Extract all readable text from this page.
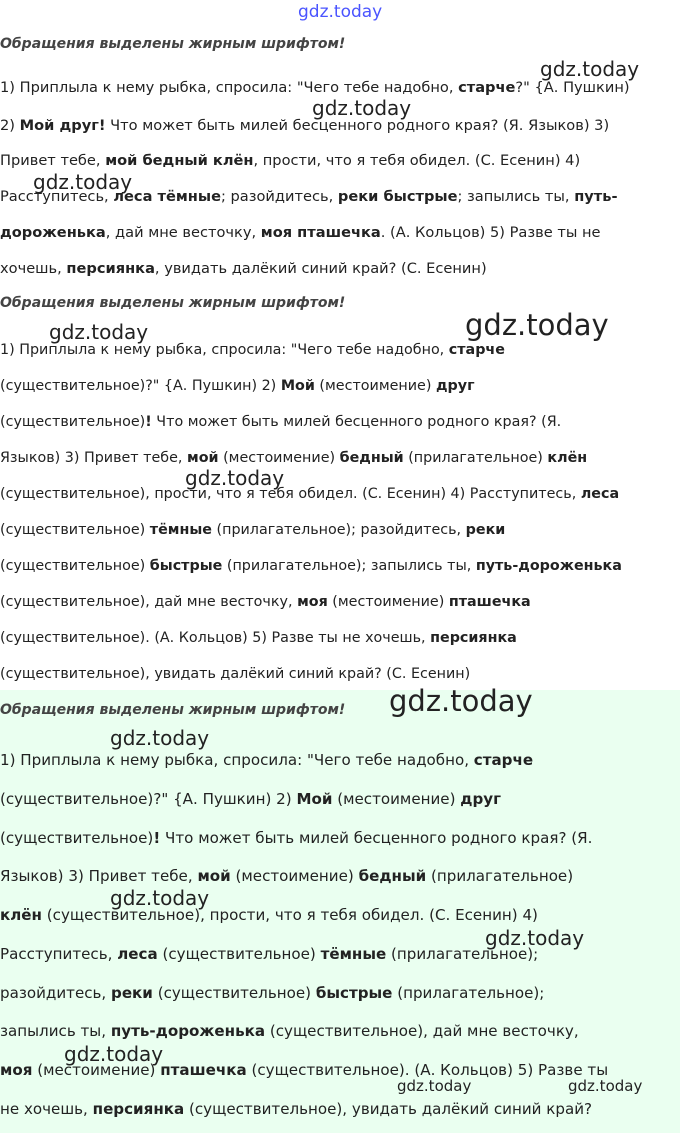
Обращения выделены жирным шрифтом!
1) Приплыла к нему рыбка, спросила: "Чего тебе надобно, старче?" {А. Пушкин)
2) Мой друг! Что может быть милей бесценного родного края? (Я. Языков) 3)
Привет тебе, мой бедный клён, прости, что я тебя обидел. (С. Есенин) 4)
Расступитесь, леса тёмные; разойдитесь, реки быстрые; запылись ты, путь-
дороженька, дай мне весточку, моя пташечка. (А. Кольцов) 5) Разве ты не
хочешь, персиянка, увидать далёкий синий край? (С. Есенин)
Обращения выделены жирным шрифтом!
1) Приплыла к нему рыбка, спросила: "Чего тебе надобно, старче
(существительное)?" {А. Пушкин) 2) Мой (местоимение) друг
(существительное)! Что может быть милей бесценного родного края? (Я.
Языков) 3) Привет тебе, мой (местоимение) бедный (прилагательное) клён
(существительное), прости, что я тебя обидел. (С. Есенин) 4) Расступитесь, леса
(существительное) тёмные (прилагательное); разойдитесь, реки
(существительное) быстрые (прилагательное); запылись ты, путь-дороженька
(существительное), дай мне весточку, моя (местоимение) пташечка
(существительное). (А. Кольцов) 5) Разве ты не хочешь, персиянка
(существительное), увидать далёкий синий край? (С. Есенин)
Обращения выделены жирным шрифтом!
1) Приплыла к нему рыбка, спросила: "Чего тебе надобно, старче
(существительное)?" {А. Пушкин) 2) Мой (местоимение) друг
(существительное)! Что может быть милей бесценного родного края? (Я.
Языков) 3) Привет тебе, мой (местоимение) бедный (прилагательное)
клён (существительное), прости, что я тебя обидел. (С. Есенин) 4)
Расступитесь, леса (существительное) тёмные (прилагательное);
разойдитесь, реки (существительное) быстрые (прилагательное);
запылись ты, путь-дороженька (существительное), дай мне весточку,
моя (местоимение) пташечка (существительное). (А. Кольцов) 5) Разве ты
не хочешь, персиянка (существительное), увидать далёкий синий край?
gdz.today
gdz.today
gdz.today
gdz.today
gdz.today	gdz.today
gdz.today
gdz.today
gdz.today
gdz.today
gdz.today
gdz.today
gdz.today	gdz.today
